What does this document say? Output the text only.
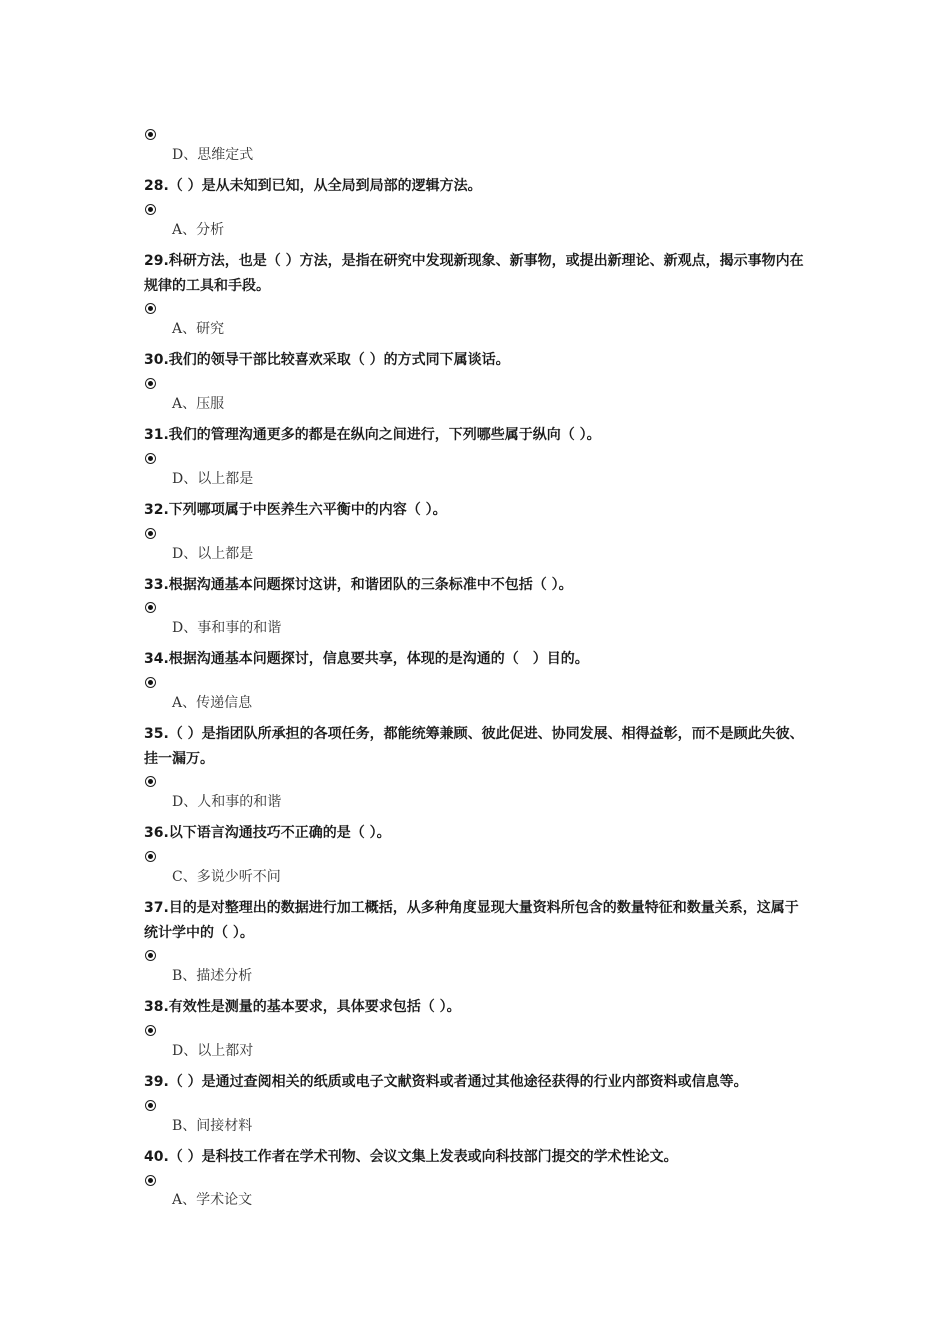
D、思维定式
28.（ ）是从未知到已知，从全局到局部的逻辑方法。
A、分析
29.科研方法，也是（ ）方法，是指在研究中发现新现象、新事物，或提出新理论、新观点，揭示事物内在规律的工具和手段。
A、研究
30.我们的领导干部比较喜欢采取（ ）的方式同下属谈话。
A、压服
31.我们的管理沟通更多的都是在纵向之间进行，下列哪些属于纵向（ ）。
D、以上都是
32.下列哪项属于中医养生六平衡中的内容（ ）。
D、以上都是
33.根据沟通基本问题探讨这讲，和谐团队的三条标准中不包括（ ）。
D、事和事的和谐
34.根据沟通基本问题探讨，信息要共享，体现的是沟通的（　）目的。
A、传递信息
35.（ ）是指团队所承担的各项任务，都能统筹兼顾、彼此促进、协同发展、相得益彰，而不是顾此失彼、挂一漏万。
D、人和事的和谐
36.以下语言沟通技巧不正确的是（ ）。
C、多说少听不问
37.目的是对整理出的数据进行加工概括，从多种角度显现大量资料所包含的数量特征和数量关系，这属于统计学中的（ ）。
B、描述分析
38.有效性是测量的基本要求，具体要求包括（ ）。
D、以上都对
39.（ ）是通过查阅相关的纸质或电子文献资料或者通过其他途径获得的行业内部资料或信息等。
B、间接材料
40.（ ）是科技工作者在学术刊物、会议文集上发表或向科技部门提交的学术性论文。
A、学术论文
